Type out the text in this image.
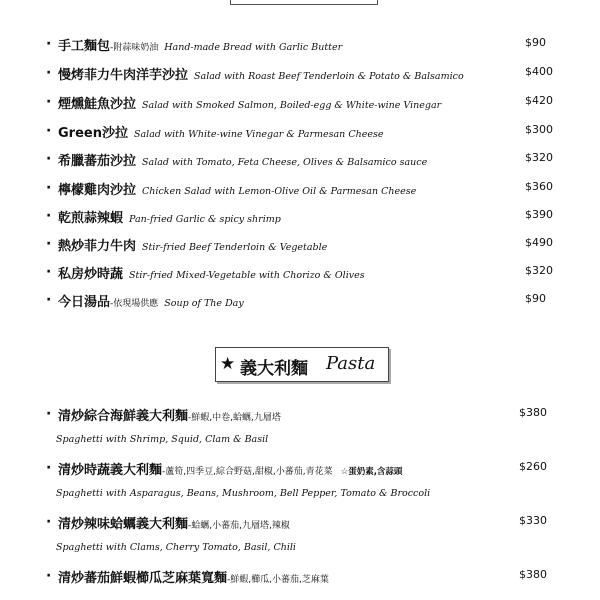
· 手工麵包-附蒜味奶油 Hand-made Bread with Garlic Butter	$90
· 慢烤菲力牛肉洋芋沙拉 Salad with Roast Beef Tenderloin & Potato & Balsamico	$400
· 煙燻鮭魚沙拉 Salad with Smoked Salmon, Boiled-egg & White-wine Vinegar	$420
· Green沙拉 Salad with White-wine Vinegar & Parmesan Cheese	$300
· 希臘蕃茄沙拉 Salad with Tomato, Feta Cheese, Olives & Balsamico sauce	$320
· 檸檬雞肉沙拉 Chicken Salad with Lemon-Olive Oil & Parmesan Cheese	$360
· 乾煎蒜辣蝦 Pan-fried Garlic & spicy shrimp	$390
· 熱炒菲力牛肉 Stir-fried Beef Tenderloin & Vegetable	$490
· 私房炒時蔬 Stir-fried Mixed-Vegetable with Chorizo & Olives	$320
· 今日湯品-依現場供應 Soup of The Day	$90
★ 義大利麵 Pasta
· 清炒綜合海鮮義大利麵-鮮蝦,中卷,蛤蠣,九層塔	$380
Spaghetti with Shrimp, Squid, Clam & Basil
· 清炒時蔬義大利麵-蘆筍,四季豆,綜合野菇,甜椒,小蕃茄,青花菜 ☆蛋奶素,含蒜頭	$260
Spaghetti with Asparagus, Beans, Mushroom, Bell Pepper, Tomato & Broccoli
· 清炒辣味蛤蠣義大利麵-蛤蠣,小蕃茄,九層塔,辣椒	$330
Spaghetti with Clams, Cherry Tomato, Basil, Chili
· 清炒蕃茄鮮蝦櫛瓜芝麻葉寬麵-鮮蝦,櫛瓜,小蕃茄,芝麻葉	$380
